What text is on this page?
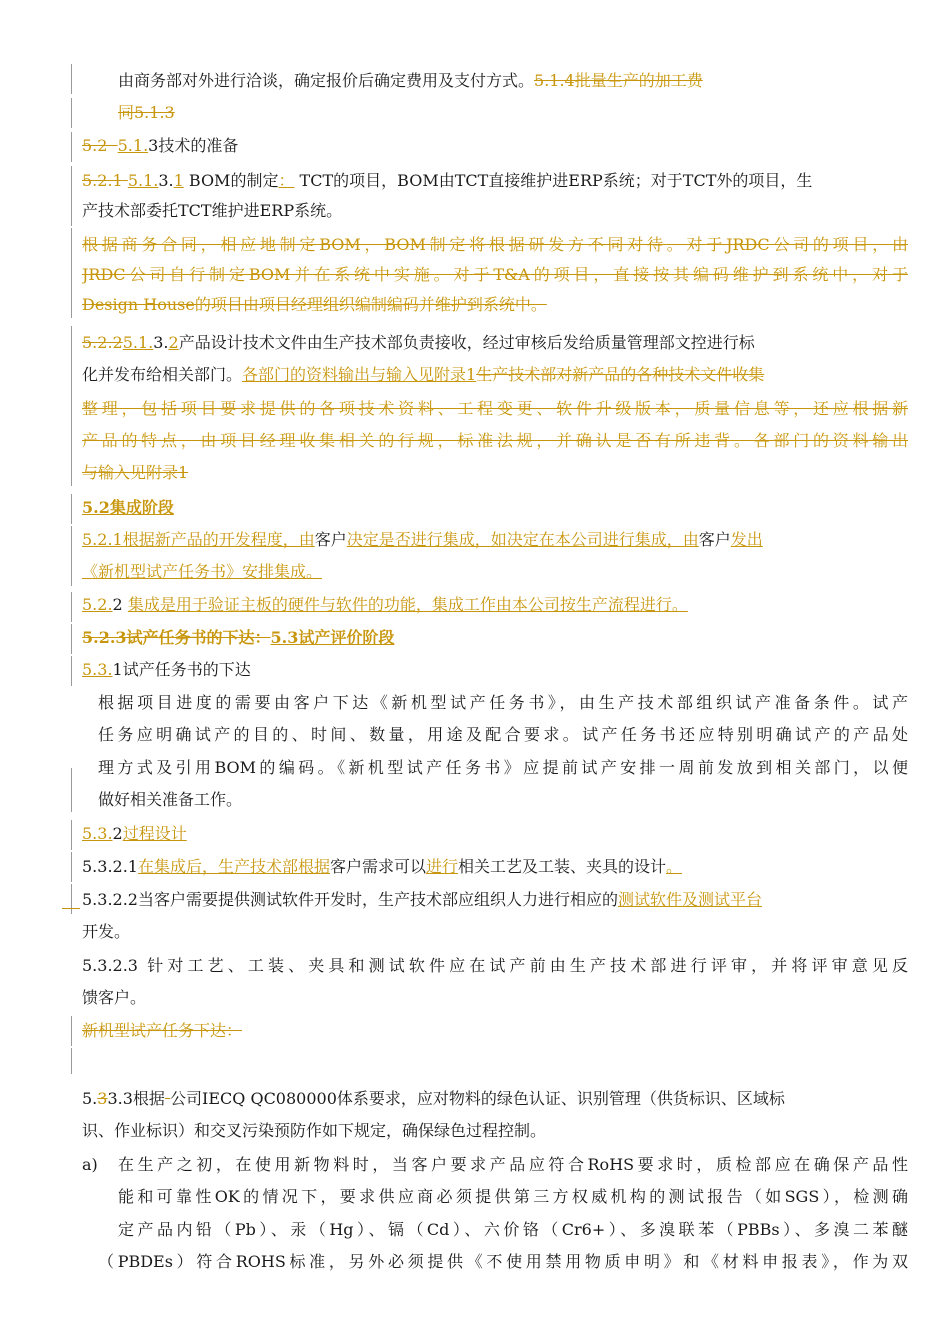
由商务部对外进行洽谈，确定报价后确定费用及支付方式。5.1.4批量生产的加工费
同5.1.3
5.2 5.1.3技术的准备
5.2.1 5.1.3.1 BOM的制定： TCT的项目，BOM由TCT直接维护进ERP系统；对于TCT外的项目，生
产技术部委托TCT维护进ERP系统。
根据商务合同，相应地制定BOM，BOM制定将根据研发方不同对待。对于JRDC公司的项目，由
JRDC公司自行制定BOM并在系统中实施。对于T&A的项目，直接按其编码维护到系统中，对于
Design House的项目由项目经理组织编制编码并维护到系统中。
5.2.25.1.3.2产品设计技术文件由生产技术部负责接收，经过审核后发给质量管理部文控进行标
化并发布给相关部门。各部门的资料输出与输入见附录1生产技术部对新产品的各种技术文件收集
整理，包括项目要求提供的各项技术资料、工程变更、软件升级版本，质量信息等，还应根据新
产品的特点，由项目经理收集相关的行规，标准法规，并确认是否有所违背。各部门的资料输出
与输入见附录1
5.2集成阶段
5.2.1根据新产品的开发程度，由客户决定是否进行集成，如决定在本公司进行集成，由客户发出
《新机型试产任务书》安排集成。
5.2.2 集成是用于验证主板的硬件与软件的功能，集成工作由本公司按生产流程进行。
5.2.3试产任务书的下达：5.3试产评价阶段
5.3.1试产任务书的下达
根据项目进度的需要由客户下达《新机型试产任务书》，由生产技术部组织试产准备条件。试产
任务应明确试产的目的、时间、数量，用途及配合要求。试产任务书还应特别明确试产的产品处
理方式及引用BOM的编码。《新机型试产任务书》应提前试产安排一周前发放到相关部门，以便
做好相关准备工作。
5.3.2过程设计
5.3.2.1在集成后，生产技术部根据客户需求可以进行相关工艺及工装、夹具的设计。
5.3.2.2当客户需要提供测试软件开发时，生产技术部应组织人力进行相应的测试软件及测试平台
开发。
5.3.2.3 针对工艺、工装、夹具和测试软件应在试产前由生产技术部进行评审，并将评审意见反
馈客户。
新机型试产任务下达：
5.33.3根据 公司IECQ QC080000体系要求，应对物料的绿色认证、识别管理（供货标识、区域标
识、作业标识）和交叉污染预防作如下规定，确保绿色过程控制。
a) 在生产之初，在使用新物料时，当客户要求产品应符合RoHS要求时，质检部应在确保产品性
能和可靠性OK的情况下，要求供应商必须提供第三方权威机构的测试报告（如SGS），检测确
定产品内铅（Pb）、汞（Hg）、镉（Cd）、六价铬（Cr6+）、多溴联苯（PBBs）、多溴二苯醚
（PBDEs）符合ROHS标准，另外必须提供《不使用禁用物质申明》和《材料申报表》，作为双
